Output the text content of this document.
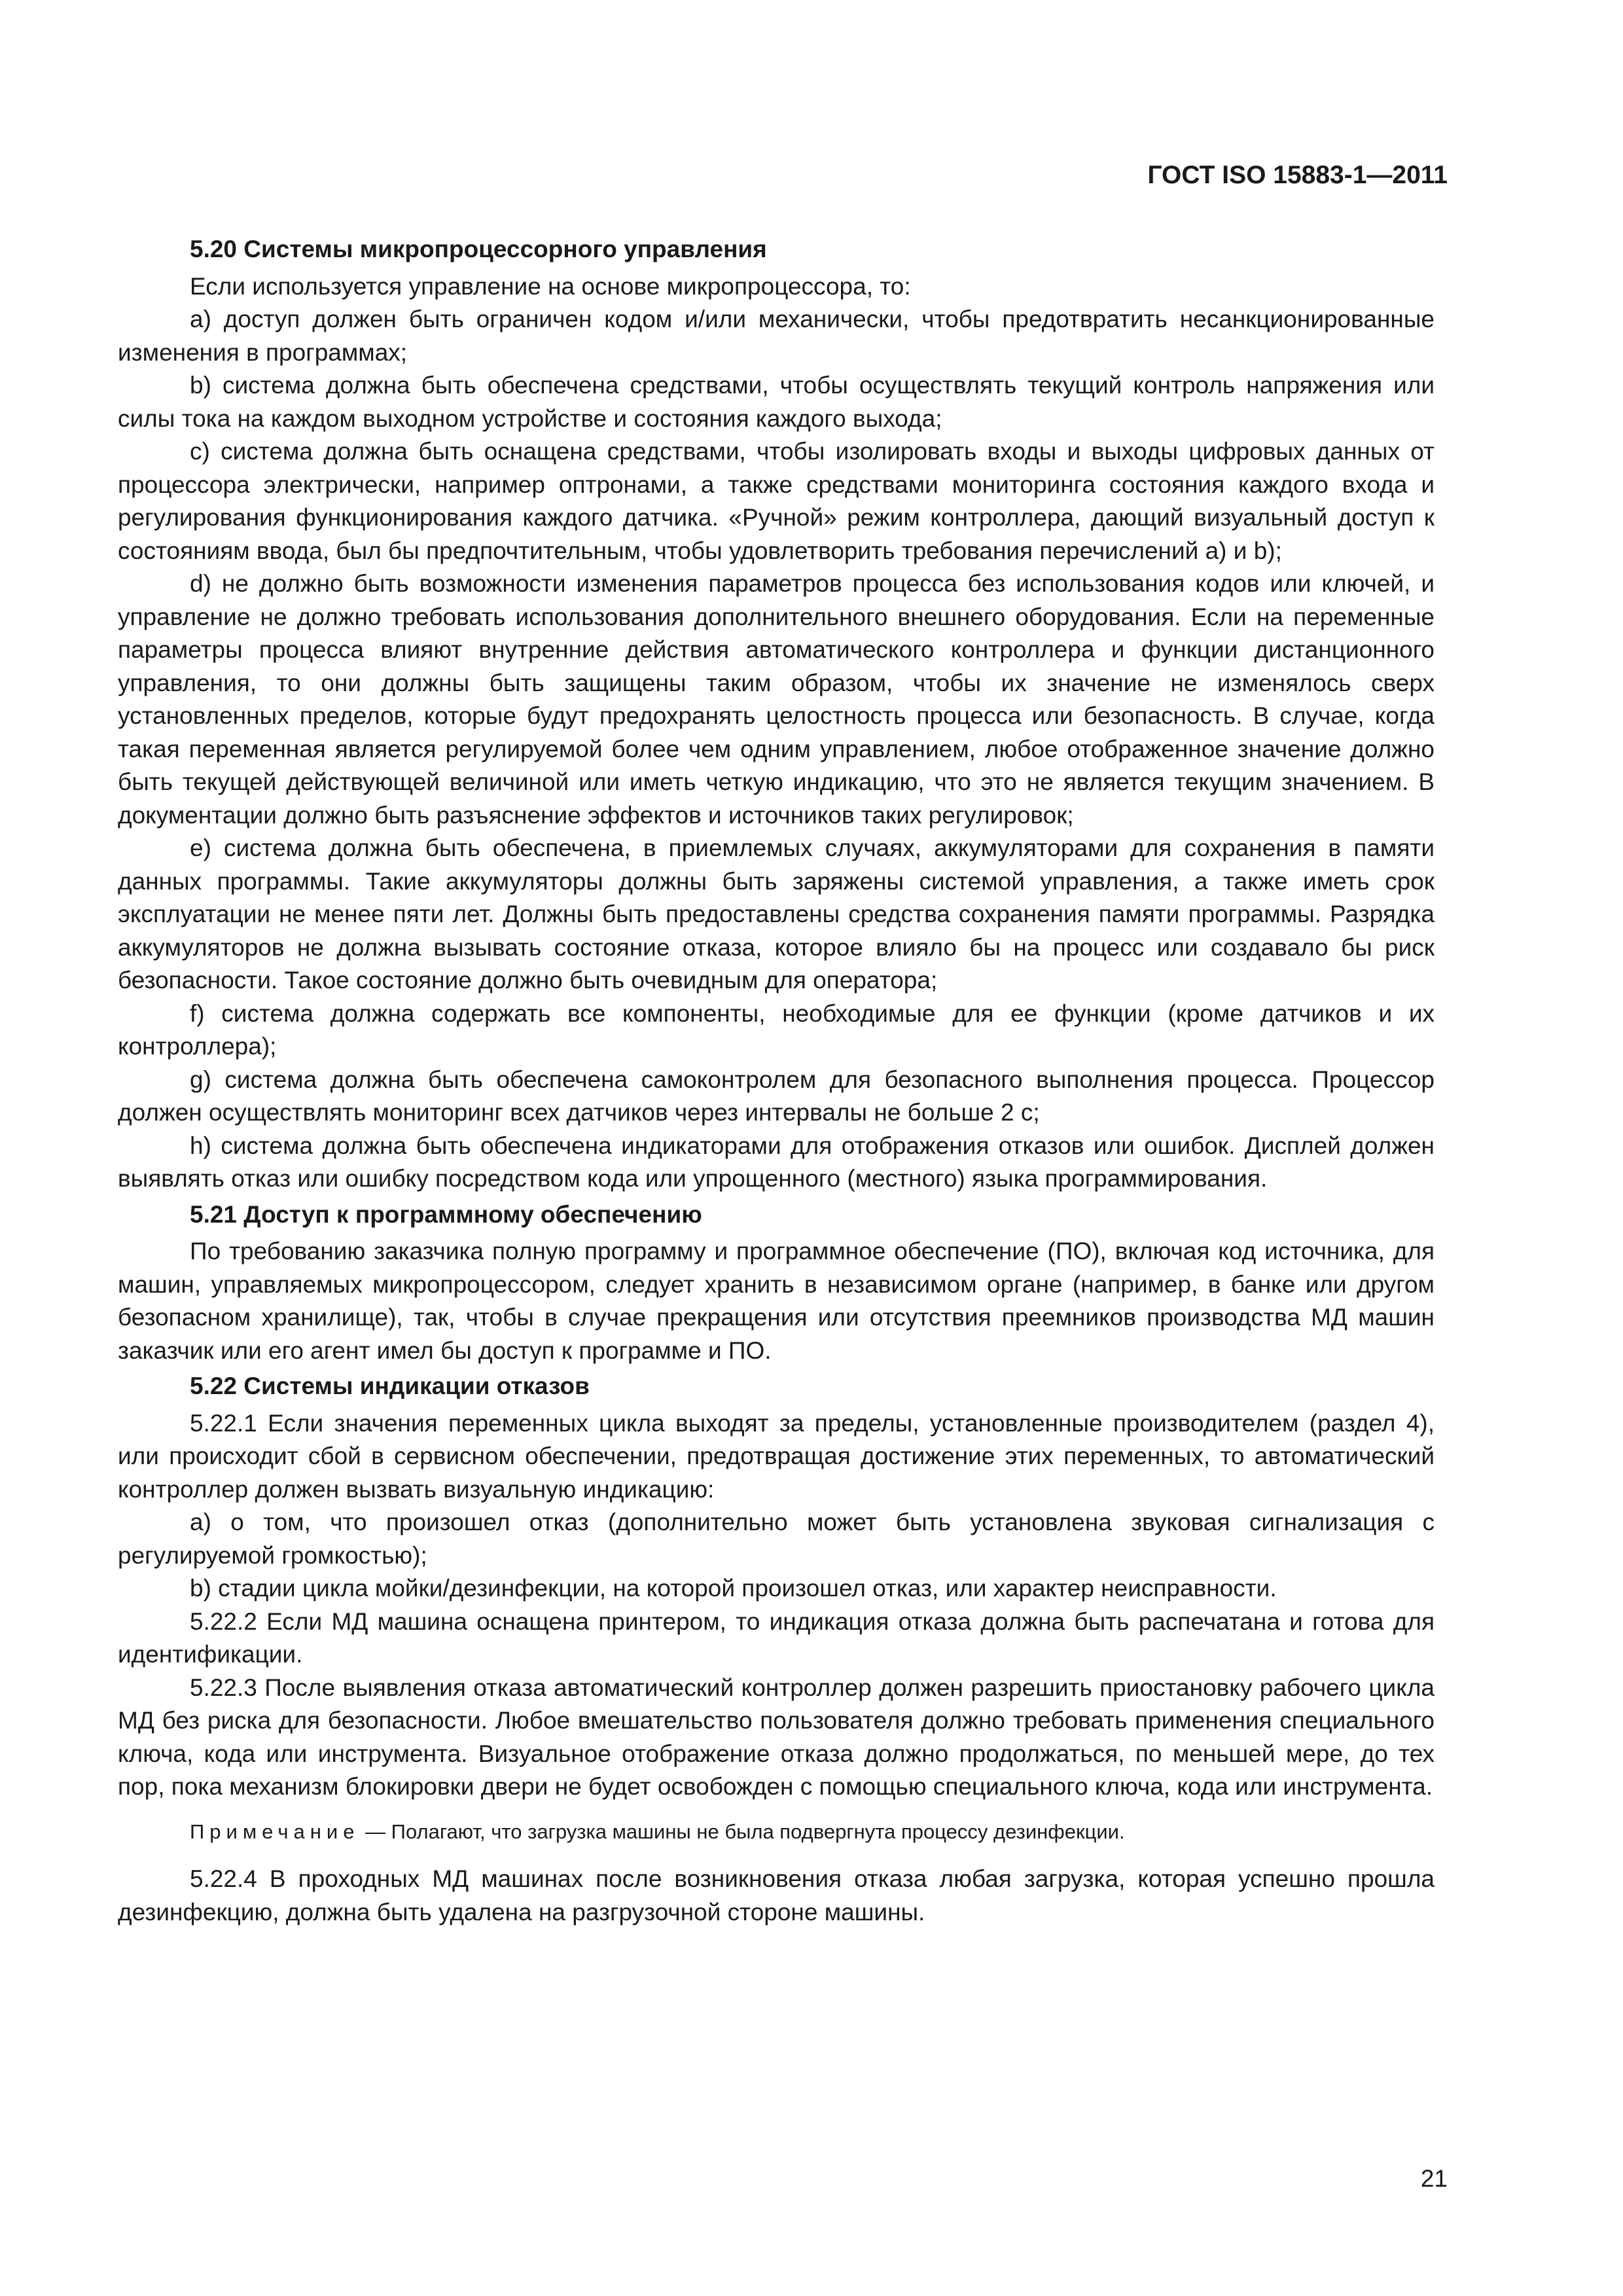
ГОСТ ISO 15883-1—2011

5.20 Системы микропроцессорного управления

Если используется управление на основе микропроцессора, то:

a) доступ должен быть ограничен кодом и/или механически, чтобы предотвратить несанкционированные изменения в программах;

b) система должна быть обеспечена средствами, чтобы осуществлять текущий контроль напряжения или силы тока на каждом выходном устройстве и состояния каждого выхода;

c) система должна быть оснащена средствами, чтобы изолировать входы и выходы цифровых данных от процессора электрически, например оптронами, а также средствами мониторинга состояния каждого входа и регулирования функционирования каждого датчика. «Ручной» режим контроллера, дающий визуальный доступ к состояниям ввода, был бы предпочтительным, чтобы удовлетворить требования перечислений a) и b);

d) не должно быть возможности изменения параметров процесса без использования кодов или ключей, и управление не должно требовать использования дополнительного внешнего оборудования. Если на переменные параметры процесса влияют внутренние действия автоматического контроллера и функции дистанционного управления, то они должны быть защищены таким образом, чтобы их значение не изменялось сверх установленных пределов, которые будут предохранять целостность процесса или безопасность. В случае, когда такая переменная является регулируемой более чем одним управлением, любое отображенное значение должно быть текущей действующей величиной или иметь четкую индикацию, что это не является текущим значением. В документации должно быть разъяснение эффектов и источников таких регулировок;

e) система должна быть обеспечена, в приемлемых случаях, аккумуляторами для сохранения в памяти данных программы. Такие аккумуляторы должны быть заряжены системой управления, а также иметь срок эксплуатации не менее пяти лет. Должны быть предоставлены средства сохранения памяти программы. Разрядка аккумуляторов не должна вызывать состояние отказа, которое влияло бы на процесс или создавало бы риск безопасности. Такое состояние должно быть очевидным для оператора;

f) система должна содержать все компоненты, необходимые для ее функции (кроме датчиков и их контроллера);

g) система должна быть обеспечена самоконтролем для безопасного выполнения процесса. Процессор должен осуществлять мониторинг всех датчиков через интервалы не больше 2 с;

h) система должна быть обеспечена индикаторами для отображения отказов или ошибок. Дисплей должен выявлять отказ или ошибку посредством кода или упрощенного (местного) языка программирования.

5.21 Доступ к программному обеспечению

По требованию заказчика полную программу и программное обеспечение (ПО), включая код источника, для машин, управляемых микропроцессором, следует хранить в независимом органе (например, в банке или другом безопасном хранилище), так, чтобы в случае прекращения или отсутствия преемников производства МД машин заказчик или его агент имел бы доступ к программе и ПО.

5.22 Системы индикации отказов

5.22.1 Если значения переменных цикла выходят за пределы, установленные производителем (раздел 4), или происходит сбой в сервисном обеспечении, предотвращая достижение этих переменных, то автоматический контроллер должен вызвать визуальную индикацию:

a) о том, что произошел отказ (дополнительно может быть установлена звуковая сигнализация с регулируемой громкостью);

b) стадии цикла мойки/дезинфекции, на которой произошел отказ, или характер неисправности.

5.22.2 Если МД машина оснащена принтером, то индикация отказа должна быть распечатана и готова для идентификации.

5.22.3 После выявления отказа автоматический контроллер должен разрешить приостановку рабочего цикла МД без риска для безопасности. Любое вмешательство пользователя должно требовать применения специального ключа, кода или инструмента. Визуальное отображение отказа должно продолжаться, по меньшей мере, до тех пор, пока механизм блокировки двери не будет освобожден с помощью специального ключа, кода или инструмента.

Примечание — Полагают, что загрузка машины не была подвергнута процессу дезинфекции.

5.22.4 В проходных МД машинах после возникновения отказа любая загрузка, которая успешно прошла дезинфекцию, должна быть удалена на разгрузочной стороне машины.

21
